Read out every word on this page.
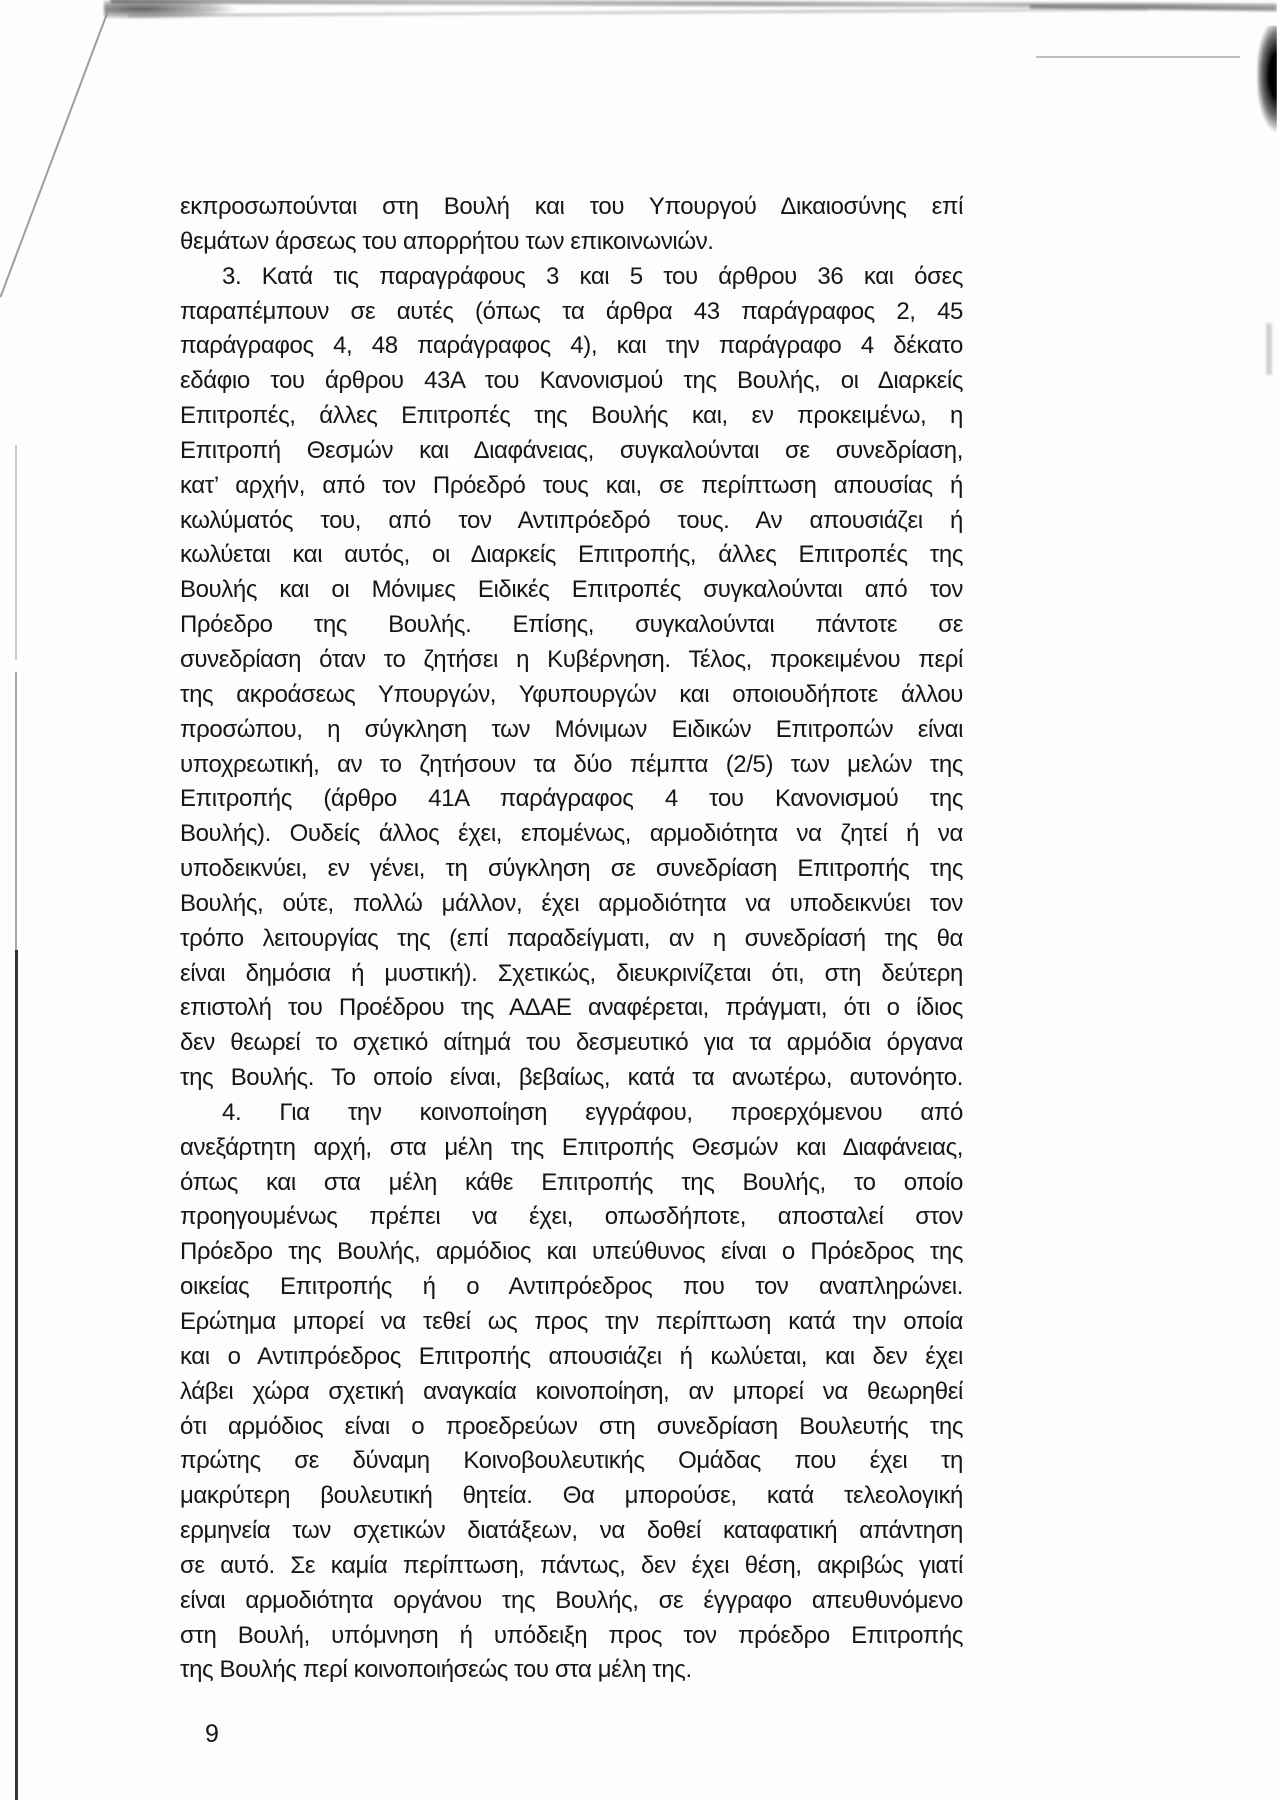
εκπροσωπούνται στη Βουλή και του Υπουργού Δικαιοσύνης επί
θεμάτων άρσεως του απορρήτου των επικοινωνιών.
3. Κατά τις παραγράφους 3 και 5 του άρθρου 36 και όσες
παραπέμπουν σε αυτές (όπως τα άρθρα 43 παράγραφος 2, 45
παράγραφος 4, 48 παράγραφος 4), και την παράγραφο 4 δέκατο
εδάφιο του άρθρου 43Α του Κανονισμού της Βουλής, οι Διαρκείς
Επιτροπές, άλλες Επιτροπές της Βουλής και, εν προκειμένω, η
Επιτροπή Θεσμών και Διαφάνειας, συγκαλούνται σε συνεδρίαση,
κατ’ αρχήν, από τον Πρόεδρό τους και, σε περίπτωση απουσίας ή
κωλύματός του, από τον Αντιπρόεδρό τους. Αν απουσιάζει ή
κωλύεται και αυτός, οι Διαρκείς Επιτροπής, άλλες Επιτροπές της
Βουλής και οι Μόνιμες Ειδικές Επιτροπές συγκαλούνται από τον
Πρόεδρο της Βουλής. Επίσης, συγκαλούνται πάντοτε σε
συνεδρίαση όταν το ζητήσει η Κυβέρνηση. Τέλος, προκειμένου περί
της ακροάσεως Υπουργών, Υφυπουργών και οποιουδήποτε άλλου
προσώπου, η σύγκληση των Μόνιμων Ειδικών Επιτροπών είναι
υποχρεωτική, αν το ζητήσουν τα δύο πέμπτα (2/5) των μελών της
Επιτροπής (άρθρο 41Α παράγραφος 4 του Κανονισμού της
Βουλής). Ουδείς άλλος έχει, επομένως, αρμοδιότητα να ζητεί ή να
υποδεικνύει, εν γένει, τη σύγκληση σε συνεδρίαση Επιτροπής της
Βουλής, ούτε, πολλώ μάλλον, έχει αρμοδιότητα να υποδεικνύει τον
τρόπο λειτουργίας της (επί παραδείγματι, αν η συνεδρίασή της θα
είναι δημόσια ή μυστική). Σχετικώς, διευκρινίζεται ότι, στη δεύτερη
επιστολή του Προέδρου της ΑΔΑΕ αναφέρεται, πράγματι, ότι ο ίδιος
δεν θεωρεί το σχετικό αίτημά του δεσμευτικό για τα αρμόδια όργανα
της Βουλής. Το οποίο είναι, βεβαίως, κατά τα ανωτέρω, αυτονόητο.
4. Για την κοινοποίηση εγγράφου, προερχόμενου από
ανεξάρτητη αρχή, στα μέλη της Επιτροπής Θεσμών και Διαφάνειας,
όπως και στα μέλη κάθε Επιτροπής της Βουλής, το οποίο
προηγουμένως πρέπει να έχει, οπωσδήποτε, αποσταλεί στον
Πρόεδρο της Βουλής, αρμόδιος και υπεύθυνος είναι ο Πρόεδρος της
οικείας Επιτροπής ή ο Αντιπρόεδρος που τον αναπληρώνει.
Ερώτημα μπορεί να τεθεί ως προς την περίπτωση κατά την οποία
και ο Αντιπρόεδρος Επιτροπής απουσιάζει ή κωλύεται, και δεν έχει
λάβει χώρα σχετική αναγκαία κοινοποίηση, αν μπορεί να θεωρηθεί
ότι αρμόδιος είναι ο προεδρεύων στη συνεδρίαση Βουλευτής της
πρώτης σε δύναμη Κοινοβουλευτικής Ομάδας που έχει τη
μακρύτερη βουλευτική θητεία. Θα μπορούσε, κατά τελεολογική
ερμηνεία των σχετικών διατάξεων, να δοθεί καταφατική απάντηση
σε αυτό. Σε καμία περίπτωση, πάντως, δεν έχει θέση, ακριβώς γιατί
είναι αρμοδιότητα οργάνου της Βουλής, σε έγγραφο απευθυνόμενο
στη Βουλή, υπόμνηση ή υπόδειξη προς τον πρόεδρο Επιτροπής
της Βουλής περί κοινοποιήσεώς του στα μέλη της.
9
